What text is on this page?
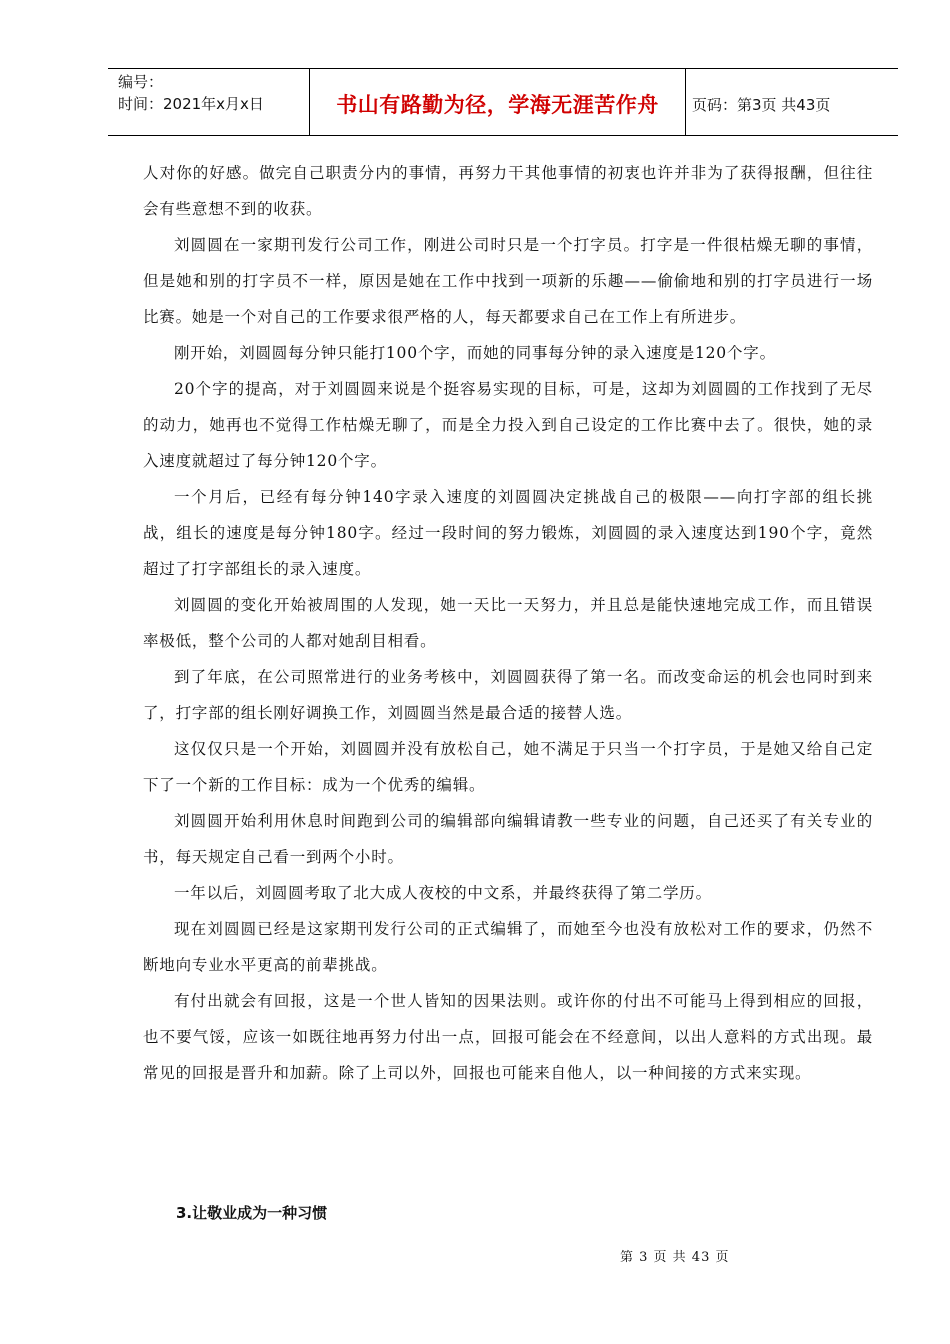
编号：
时间：2021年x月x日	书山有路勤为径，学海无涯苦作舟	页码：第3页 共43页

人对你的好感。做完自己职责分内的事情，再努力干其他事情的初衷也许并非为了获得报酬，但往往会有些意想不到的收获。

刘圆圆在一家期刊发行公司工作，刚进公司时只是一个打字员。打字是一件很枯燥无聊的事情，但是她和别的打字员不一样，原因是她在工作中找到一项新的乐趣——偷偷地和别的打字员进行一场比赛。她是一个对自己的工作要求很严格的人，每天都要求自己在工作上有所进步。

刚开始，刘圆圆每分钟只能打100个字，而她的同事每分钟的录入速度是120个字。

20个字的提高，对于刘圆圆来说是个挺容易实现的目标，可是，这却为刘圆圆的工作找到了无尽的动力，她再也不觉得工作枯燥无聊了，而是全力投入到自己设定的工作比赛中去了。很快，她的录入速度就超过了每分钟120个字。

一个月后，已经有每分钟140字录入速度的刘圆圆决定挑战自己的极限——向打字部的组长挑战，组长的速度是每分钟180字。经过一段时间的努力锻炼，刘圆圆的录入速度达到190个字，竟然超过了打字部组长的录入速度。

刘圆圆的变化开始被周围的人发现，她一天比一天努力，并且总是能快速地完成工作，而且错误率极低，整个公司的人都对她刮目相看。

到了年底，在公司照常进行的业务考核中，刘圆圆获得了第一名。而改变命运的机会也同时到来了，打字部的组长刚好调换工作，刘圆圆当然是最合适的接替人选。

这仅仅只是一个开始，刘圆圆并没有放松自己，她不满足于只当一个打字员，于是她又给自己定下了一个新的工作目标：成为一个优秀的编辑。

刘圆圆开始利用休息时间跑到公司的编辑部向编辑请教一些专业的问题，自己还买了有关专业的书，每天规定自己看一到两个小时。

一年以后，刘圆圆考取了北大成人夜校的中文系，并最终获得了第二学历。

现在刘圆圆已经是这家期刊发行公司的正式编辑了，而她至今也没有放松对工作的要求，仍然不断地向专业水平更高的前辈挑战。

有付出就会有回报，这是一个世人皆知的因果法则。或许你的付出不可能马上得到相应的回报，也不要气馁，应该一如既往地再努力付出一点，回报可能会在不经意间，以出人意料的方式出现。最常见的回报是晋升和加薪。除了上司以外，回报也可能来自他人，以一种间接的方式来实现。

3.让敬业成为一种习惯
第 3 页 共 43 页
